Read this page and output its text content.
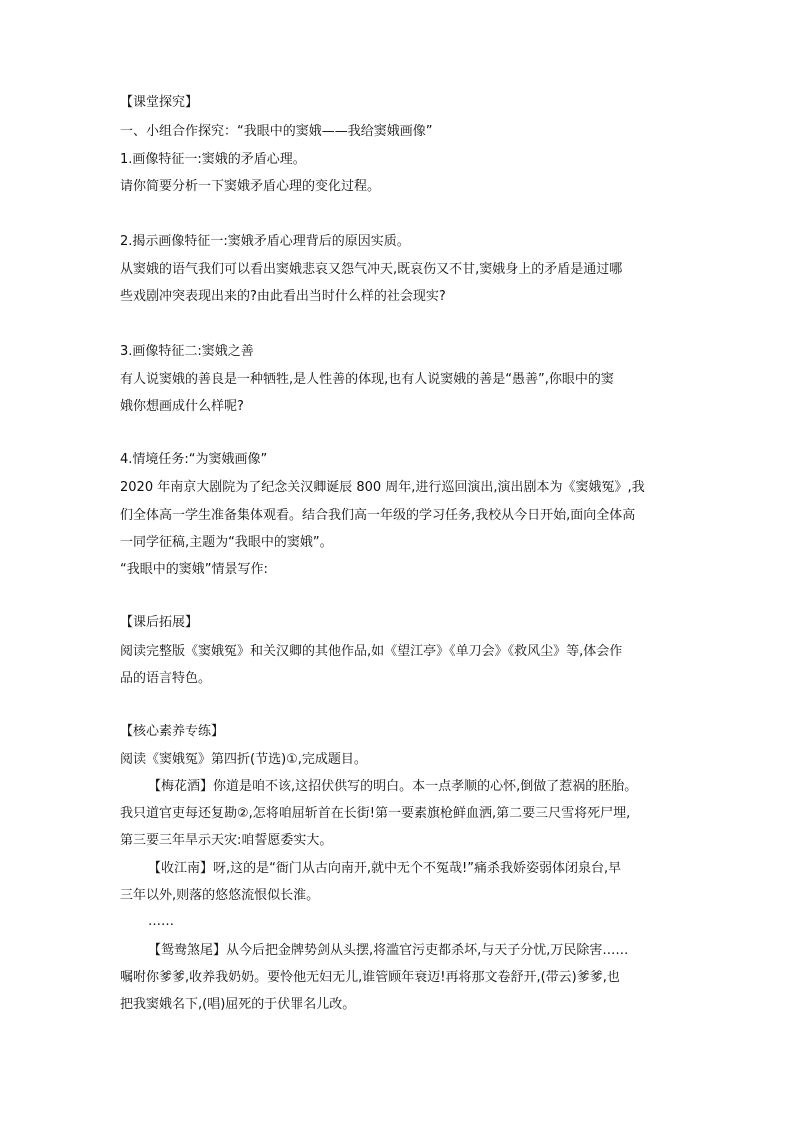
【课堂探究】

一、小组合作探究：“我眼中的窦娥——我给窦娥画像”

1.画像特征一:窦娥的矛盾心理。

请你简要分析一下窦娥矛盾心理的变化过程。

2.揭示画像特征一:窦娥矛盾心理背后的原因实质。

从窦娥的语气我们可以看出窦娥悲哀又怨气冲天,既哀伤又不甘,窦娥身上的矛盾是通过哪

些戏剧冲突表现出来的?由此看出当时什么样的社会现实?

3.画像特征二:窦娥之善

有人说窦娥的善良是一种牺牲,是人性善的体现,也有人说窦娥的善是“愚善”,你眼中的窦

娥你想画成什么样呢?

4.情境任务:“为窦娥画像”

2020 年南京大剧院为了纪念关汉卿诞辰 800 周年,进行巡回演出,演出剧本为《窦娥冤》,我

们全体高一学生准备集体观看。结合我们高一年级的学习任务,我校从今日开始,面向全体高

一同学征稿,主题为“我眼中的窦娥”。

“我眼中的窦娥”情景写作:

【课后拓展】

阅读完整版《窦娥冤》和关汉卿的其他作品,如《望江亭》《单刀会》《救风尘》等,体会作

品的语言特色。

【核心素养专练】

阅读《窦娥冤》第四折(节选)①,完成题目。

【梅花酒】你道是咱不该,这招伏供写的明白。本一点孝顺的心怀,倒做了惹祸的胚胎。

我只道官吏每还复勘②,怎将咱屈斩首在长街!第一要素旗枪鲜血洒,第二要三尺雪将死尸埋,

第三要三年旱示天灾:咱誓愿委实大。

【收江南】呀,这的是“衙门从古向南开,就中无个不冤哉!”痛杀我娇姿弱体闭泉台,早

三年以外,则落的悠悠流恨似长淮。

……

【鸳鸯煞尾】从今后把金牌势剑从头摆,将滥官污吏都杀坏,与天子分忧,万民除害……

嘱咐你爹爹,收养我奶奶。要怜他无妇无儿,谁管顾年衰迈!再将那文卷舒开,(带云)爹爹,也

把我窦娥名下,(唱)屈死的于伏罪名儿改。
